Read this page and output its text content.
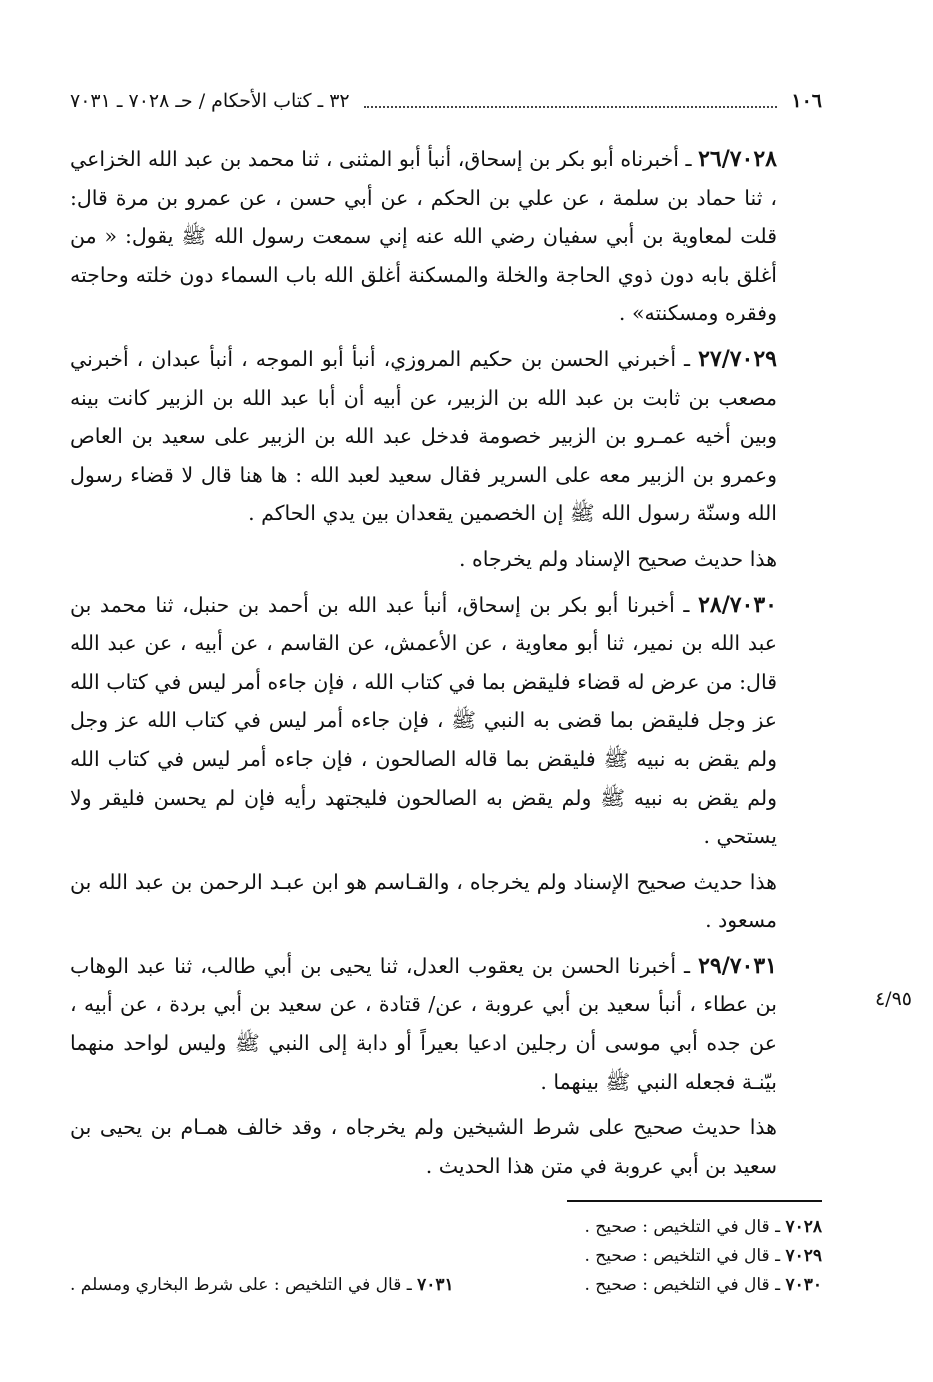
١٠٦
٣٢ ـ كتاب الأحكام / حـ ٧٠٢٨ ـ ٧٠٣١

٢٦/٧٠٢٨ ـ أخبرناه أبو بكر بن إسحاق، أنبأ أبو المثنى ، ثنا محمد بن عبد الله الخزاعي ، ثنا حماد بن سلمة ، عن علي بن الحكم ، عن أبي حسن ، عن عمرو بن مرة قال: قلت لمعاوية بن أبي سفيان رضي الله عنه إني سمعت رسول الله ﷺ يقول: « من أغلق بابه دون ذوي الحاجة والخلة والمسكنة أغلق الله باب السماء دون خلته وحاجته وفقره ومسكنته» .

٢٧/٧٠٢٩ ـ أخبرني الحسن بن حكيم المروزي، أنبأ أبو الموجه ، أنبأ عبدان ، أخبرني مصعب بن ثابت بن عبد الله بن الزبير، عن أبيه أن أبا عبد الله بن الزبير كانت بينه وبين أخيه عمـرو بن الزبير خصومة فدخل عبد الله بن الزبير على سعيد بن العاص وعمرو بن الزبير معه على السرير فقال سعيد لعبد الله : ها هنا قال لا قضاء رسول الله وسنّة رسول الله ﷺ إن الخصمين يقعدان بين يدي الحاكم .

هذا حديث صحيح الإسناد ولم يخرجاه .

٢٨/٧٠٣٠ ـ أخبرنا أبو بكر بن إسحاق، أنبأ عبد الله بن أحمد بن حنبل، ثنا محمد بن عبد الله بن نمير، ثنا أبو معاوية ، عن الأعمش، عن القاسم ، عن أبيه ، عن عبد الله قال: من عرض له قضاء فليقض بما في كتاب الله ، فإن جاءه أمر ليس في كتاب الله عز وجل فليقض بما قضى به النبي ﷺ ، فإن جاءه أمر ليس في كتاب الله عز وجل ولم يقض به نبيه ﷺ فليقض بما قاله الصالحون ، فإن جاءه أمر ليس في كتاب الله ولم يقض به نبيه ﷺ ولم يقض به الصالحون فليجتهد رأيه فإن لم يحسن فليقر ولا يستحي .

هذا حديث صحيح الإسناد ولم يخرجاه ، والقـاسم هو ابن عبـد الرحمن بن عبد الله بن مسعود .

٢٩/٧٠٣١ ـ أخبرنا الحسن بن يعقوب العدل، ثنا يحيى بن أبي طالب، ثنا عبد الوهاب بن عطاء ، أنبأ سعيد بن أبي عروبة ، عن/ قتادة ، عن سعيد بن أبي بردة ، عن أبيه ، عن جده أبي موسى أن رجلين ادعيا بعيراً أو دابة إلى النبي ﷺ وليس لواحد منهما بيّنـة فجعله النبي ﷺ بينهما .

هذا حديث صحيح على شرط الشيخين ولم يخرجاه ، وقد خالف همـام بن يحيى بن سعيد بن أبي عروبة في متن هذا الحديث .

٤/٩٥
٧٠٢٨ ـ قال في التلخيص : صحيح .
٧٠٢٩ ـ قال في التلخيص : صحيح .
٧٠٣٠ ـ قال في التلخيص : صحيح .
٧٠٣١ ـ قال في التلخيص : على شرط البخاري ومسلم .
